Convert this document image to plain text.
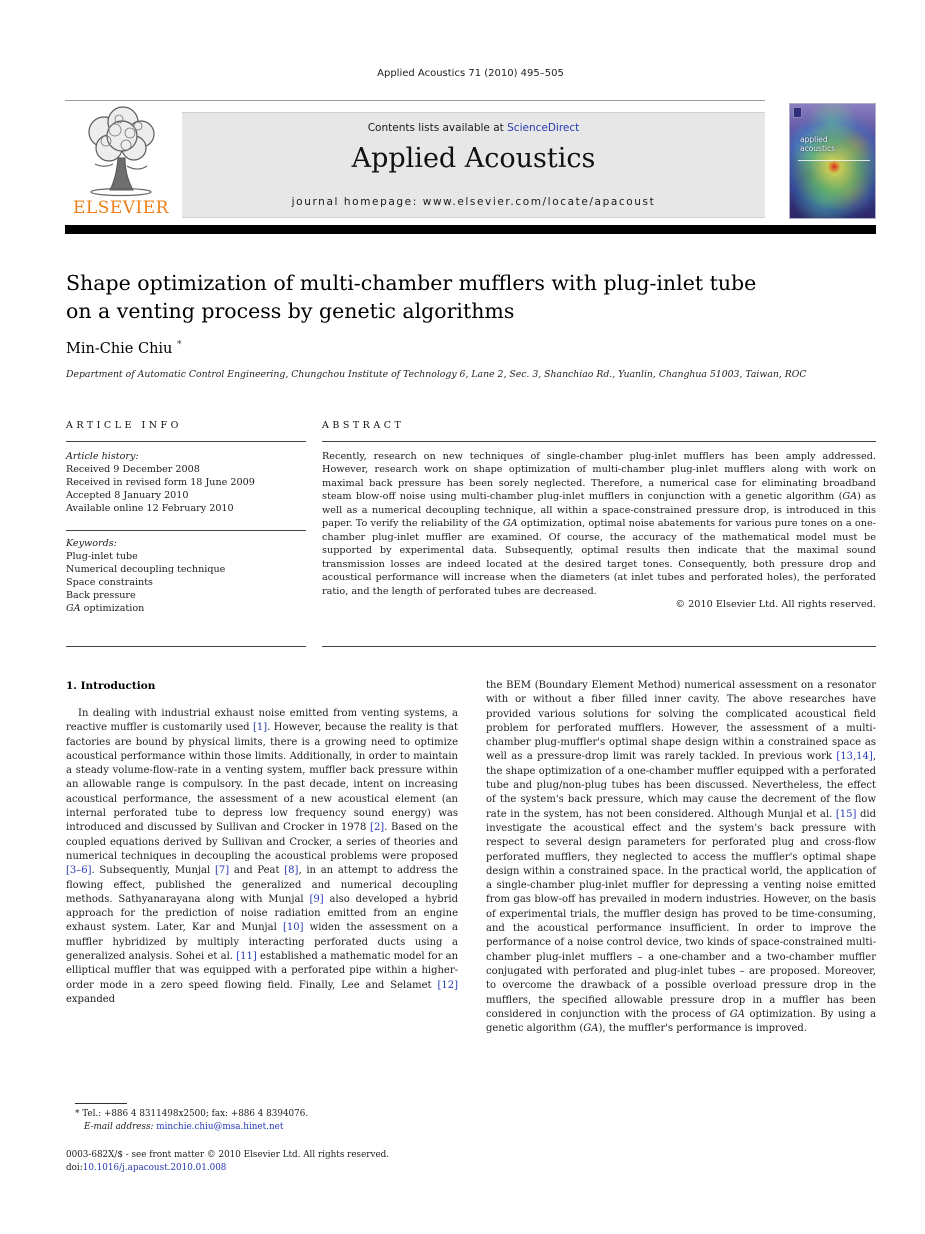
Applied Acoustics 71 (2010) 495–505
ELSEVIER
Contents lists available at ScienceDirect
Applied Acoustics
journal homepage: www.elsevier.com/locate/apacoust
applied acoustics
Shape optimization of multi-chamber mufflers with plug-inlet tube on a venting process by genetic algorithms
Min-Chie Chiu *
Department of Automatic Control Engineering, Chungchou Institute of Technology 6, Lane 2, Sec. 3, Shanchiao Rd., Yuanlin, Changhua 51003, Taiwan, ROC
ARTICLE INFO	ABSTRACT
Article history:
Received 9 December 2008
Received in revised form 18 June 2009
Accepted 8 January 2010
Available online 12 February 2010
Keywords:
Plug-inlet tube
Numerical decoupling technique
Space constraints
Back pressure
GA optimization
Recently, research on new techniques of single-chamber plug-inlet mufflers has been amply addressed. However, research work on shape optimization of multi-chamber plug-inlet mufflers along with work on maximal back pressure has been sorely neglected. Therefore, a numerical case for eliminating broadband steam blow-off noise using multi-chamber plug-inlet mufflers in conjunction with a genetic algorithm (GA) as well as a numerical decoupling technique, all within a space-constrained pressure drop, is introduced in this paper. To verify the reliability of the GA optimization, optimal noise abatements for various pure tones on a one-chamber plug-inlet muffler are examined. Of course, the accuracy of the mathematical model must be supported by experimental data. Subsequently, optimal results then indicate that the maximal sound transmission losses are indeed located at the desired target tones. Consequently, both pressure drop and acoustical performance will increase when the diameters (at inlet tubes and perforated holes), the perforated ratio, and the length of perforated tubes are decreased.
© 2010 Elsevier Ltd. All rights reserved.
1. Introduction

In dealing with industrial exhaust noise emitted from venting systems, a reactive muffler is customarily used [1]. However, because the reality is that factories are bound by physical limits, there is a growing need to optimize acoustical performance within those limits. Additionally, in order to maintain a steady volume-flow-rate in a venting system, muffler back pressure within an allowable range is compulsory. In the past decade, intent on increasing acoustical performance, the assessment of a new acoustical element (an internal perforated tube to depress low frequency sound energy) was introduced and discussed by Sullivan and Crocker in 1978 [2]. Based on the coupled equations derived by Sullivan and Crocker, a series of theories and numerical techniques in decoupling the acoustical problems were proposed [3–6]. Subsequently, Munjal [7] and Peat [8], in an attempt to address the flowing effect, published the generalized and numerical decoupling methods. Sathyanarayana along with Munjal [9] also developed a hybrid approach for the prediction of noise radiation emitted from an engine exhaust system. Later, Kar and Munjal [10] widen the assessment on a muffler hybridized by multiply interacting perforated ducts using a generalized analysis. Sohei et al. [11] established a mathematic model for an elliptical muffler that was equipped with a perforated pipe within a higher-order mode in a zero speed flowing field. Finally, Lee and Selamet [12] expanded

the BEM (Boundary Element Method) numerical assessment on a resonator with or without a fiber filled inner cavity. The above researches have provided various solutions for solving the complicated acoustical field problem for perforated mufflers. However, the assessment of a multi-chamber plug-muffler's optimal shape design within a constrained space as well as a pressure-drop limit was rarely tackled. In previous work [13,14], the shape optimization of a one-chamber muffler equipped with a perforated tube and plug/non-plug tubes has been discussed. Nevertheless, the effect of the system's back pressure, which may cause the decrement of the flow rate in the system, has not been considered. Although Munjal et al. [15] did investigate the acoustical effect and the system's back pressure with respect to several design parameters for perforated plug and cross-flow perforated mufflers, they neglected to access the muffler's optimal shape design within a constrained space. In the practical world, the application of a single-chamber plug-inlet muffler for depressing a venting noise emitted from gas blow-off has prevailed in modern industries. However, on the basis of experimental trials, the muffler design has proved to be time-consuming, and the acoustical performance insufficient. In order to improve the performance of a noise control device, two kinds of space-constrained multi-chamber plug-inlet mufflers – a one-chamber and a two-chamber muffler conjugated with perforated and plug-inlet tubes – are proposed. Moreover, to overcome the drawback of a possible overload pressure drop in the mufflers, the specified allowable pressure drop in a muffler has been considered in conjunction with the process of GA optimization. By using a genetic algorithm (GA), the muffler's performance is improved.

* Tel.: +886 4 8311498x2500; fax: +886 4 8394076.
E-mail address: minchie.chiu@msa.hinet.net
0003-682X/$ - see front matter © 2010 Elsevier Ltd. All rights reserved.
doi:10.1016/j.apacoust.2010.01.008
